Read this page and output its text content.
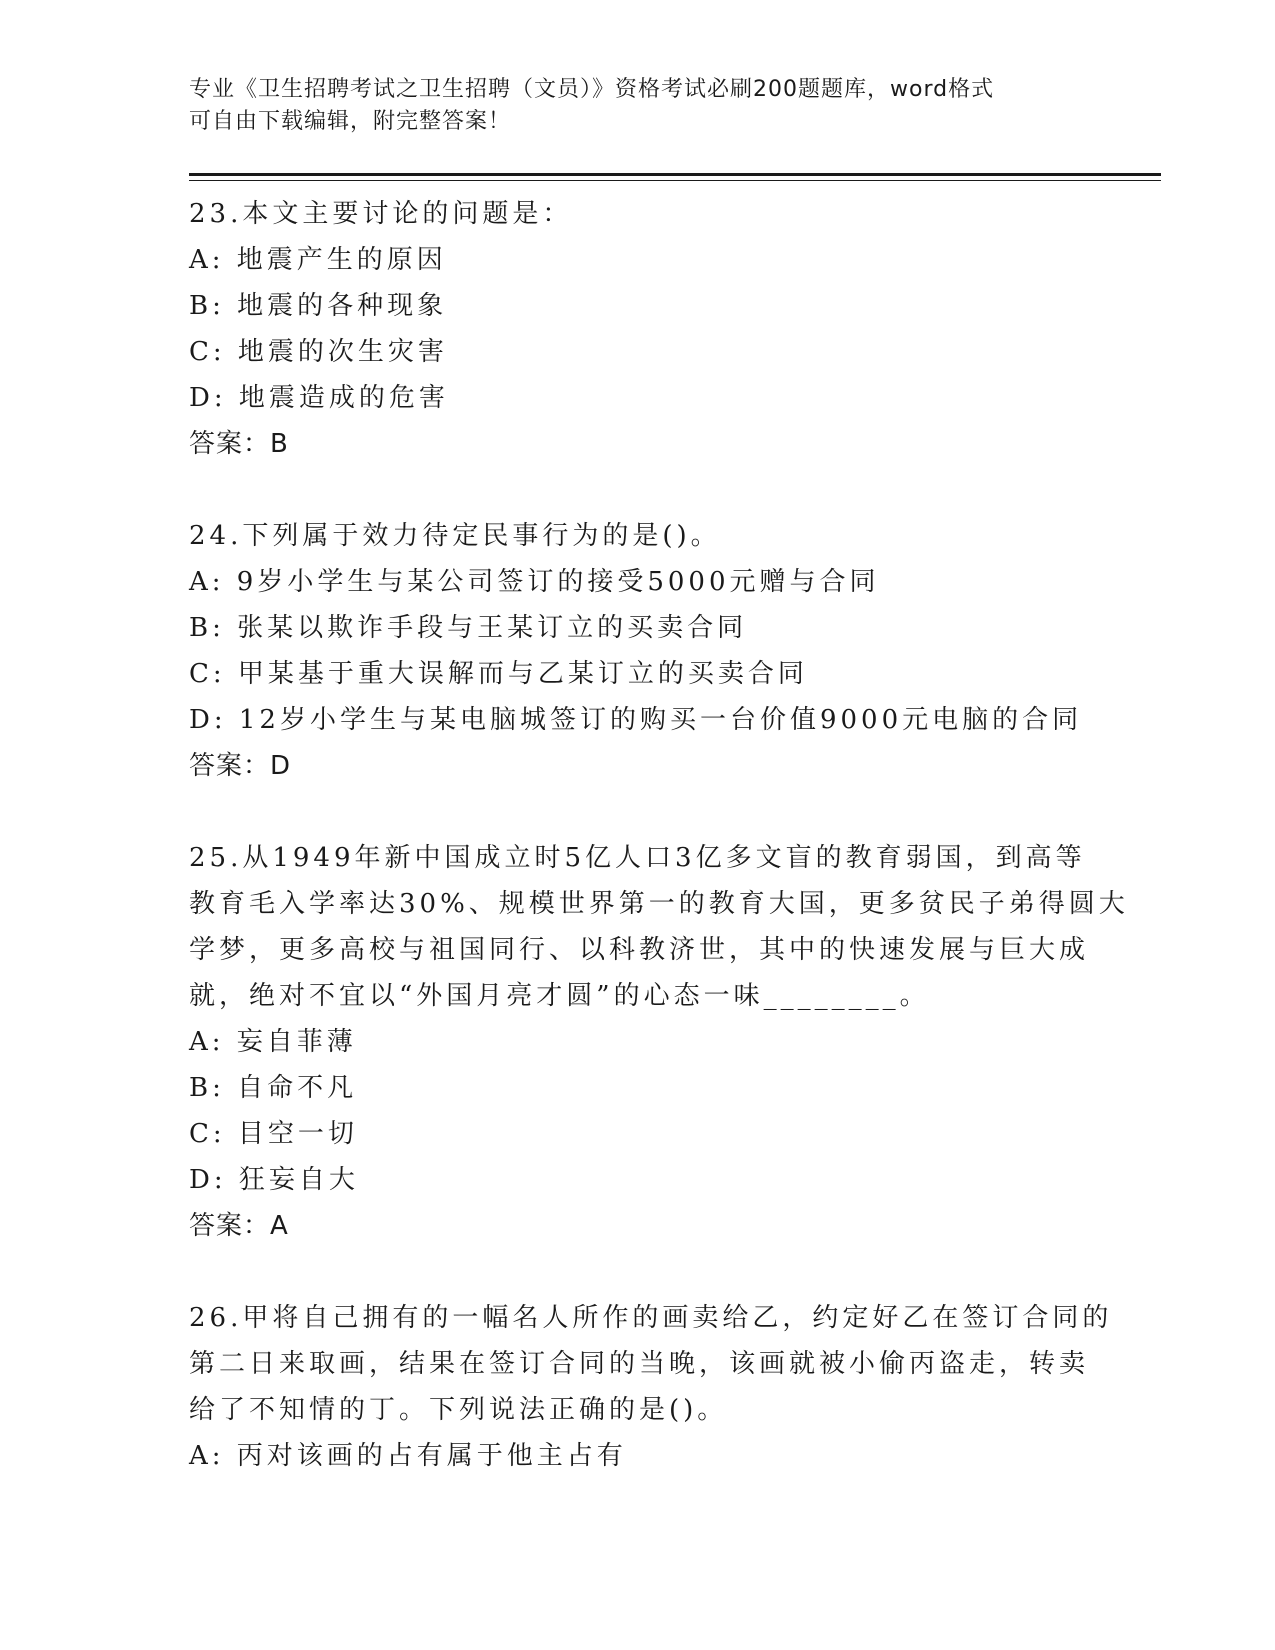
专业《卫生招聘考试之卫生招聘（文员）》资格考试必刷200题题库，word格式
可自由下载编辑，附完整答案！
23.本文主要讨论的问题是：
A: 地震产生的原因
B: 地震的各种现象
C: 地震的次生灾害
D: 地震造成的危害
答案：B
24.下列属于效力待定民事行为的是()。
A: 9岁小学生与某公司签订的接受5000元赠与合同
B: 张某以欺诈手段与王某订立的买卖合同
C: 甲某基于重大误解而与乙某订立的买卖合同
D: 12岁小学生与某电脑城签订的购买一台价值9000元电脑的合同
答案：D
25.从1949年新中国成立时5亿人口3亿多文盲的教育弱国，到高等
教育毛入学率达30%、规模世界第一的教育大国，更多贫民子弟得圆大
学梦，更多高校与祖国同行、以科教济世，其中的快速发展与巨大成
就，绝对不宜以“外国月亮才圆”的心态一味________。
A: 妄自菲薄
B: 自命不凡
C: 目空一切
D: 狂妄自大
答案：A
26.甲将自己拥有的一幅名人所作的画卖给乙，约定好乙在签订合同的
第二日来取画，结果在签订合同的当晚，该画就被小偷丙盗走，转卖
给了不知情的丁。下列说法正确的是()。
A: 丙对该画的占有属于他主占有
